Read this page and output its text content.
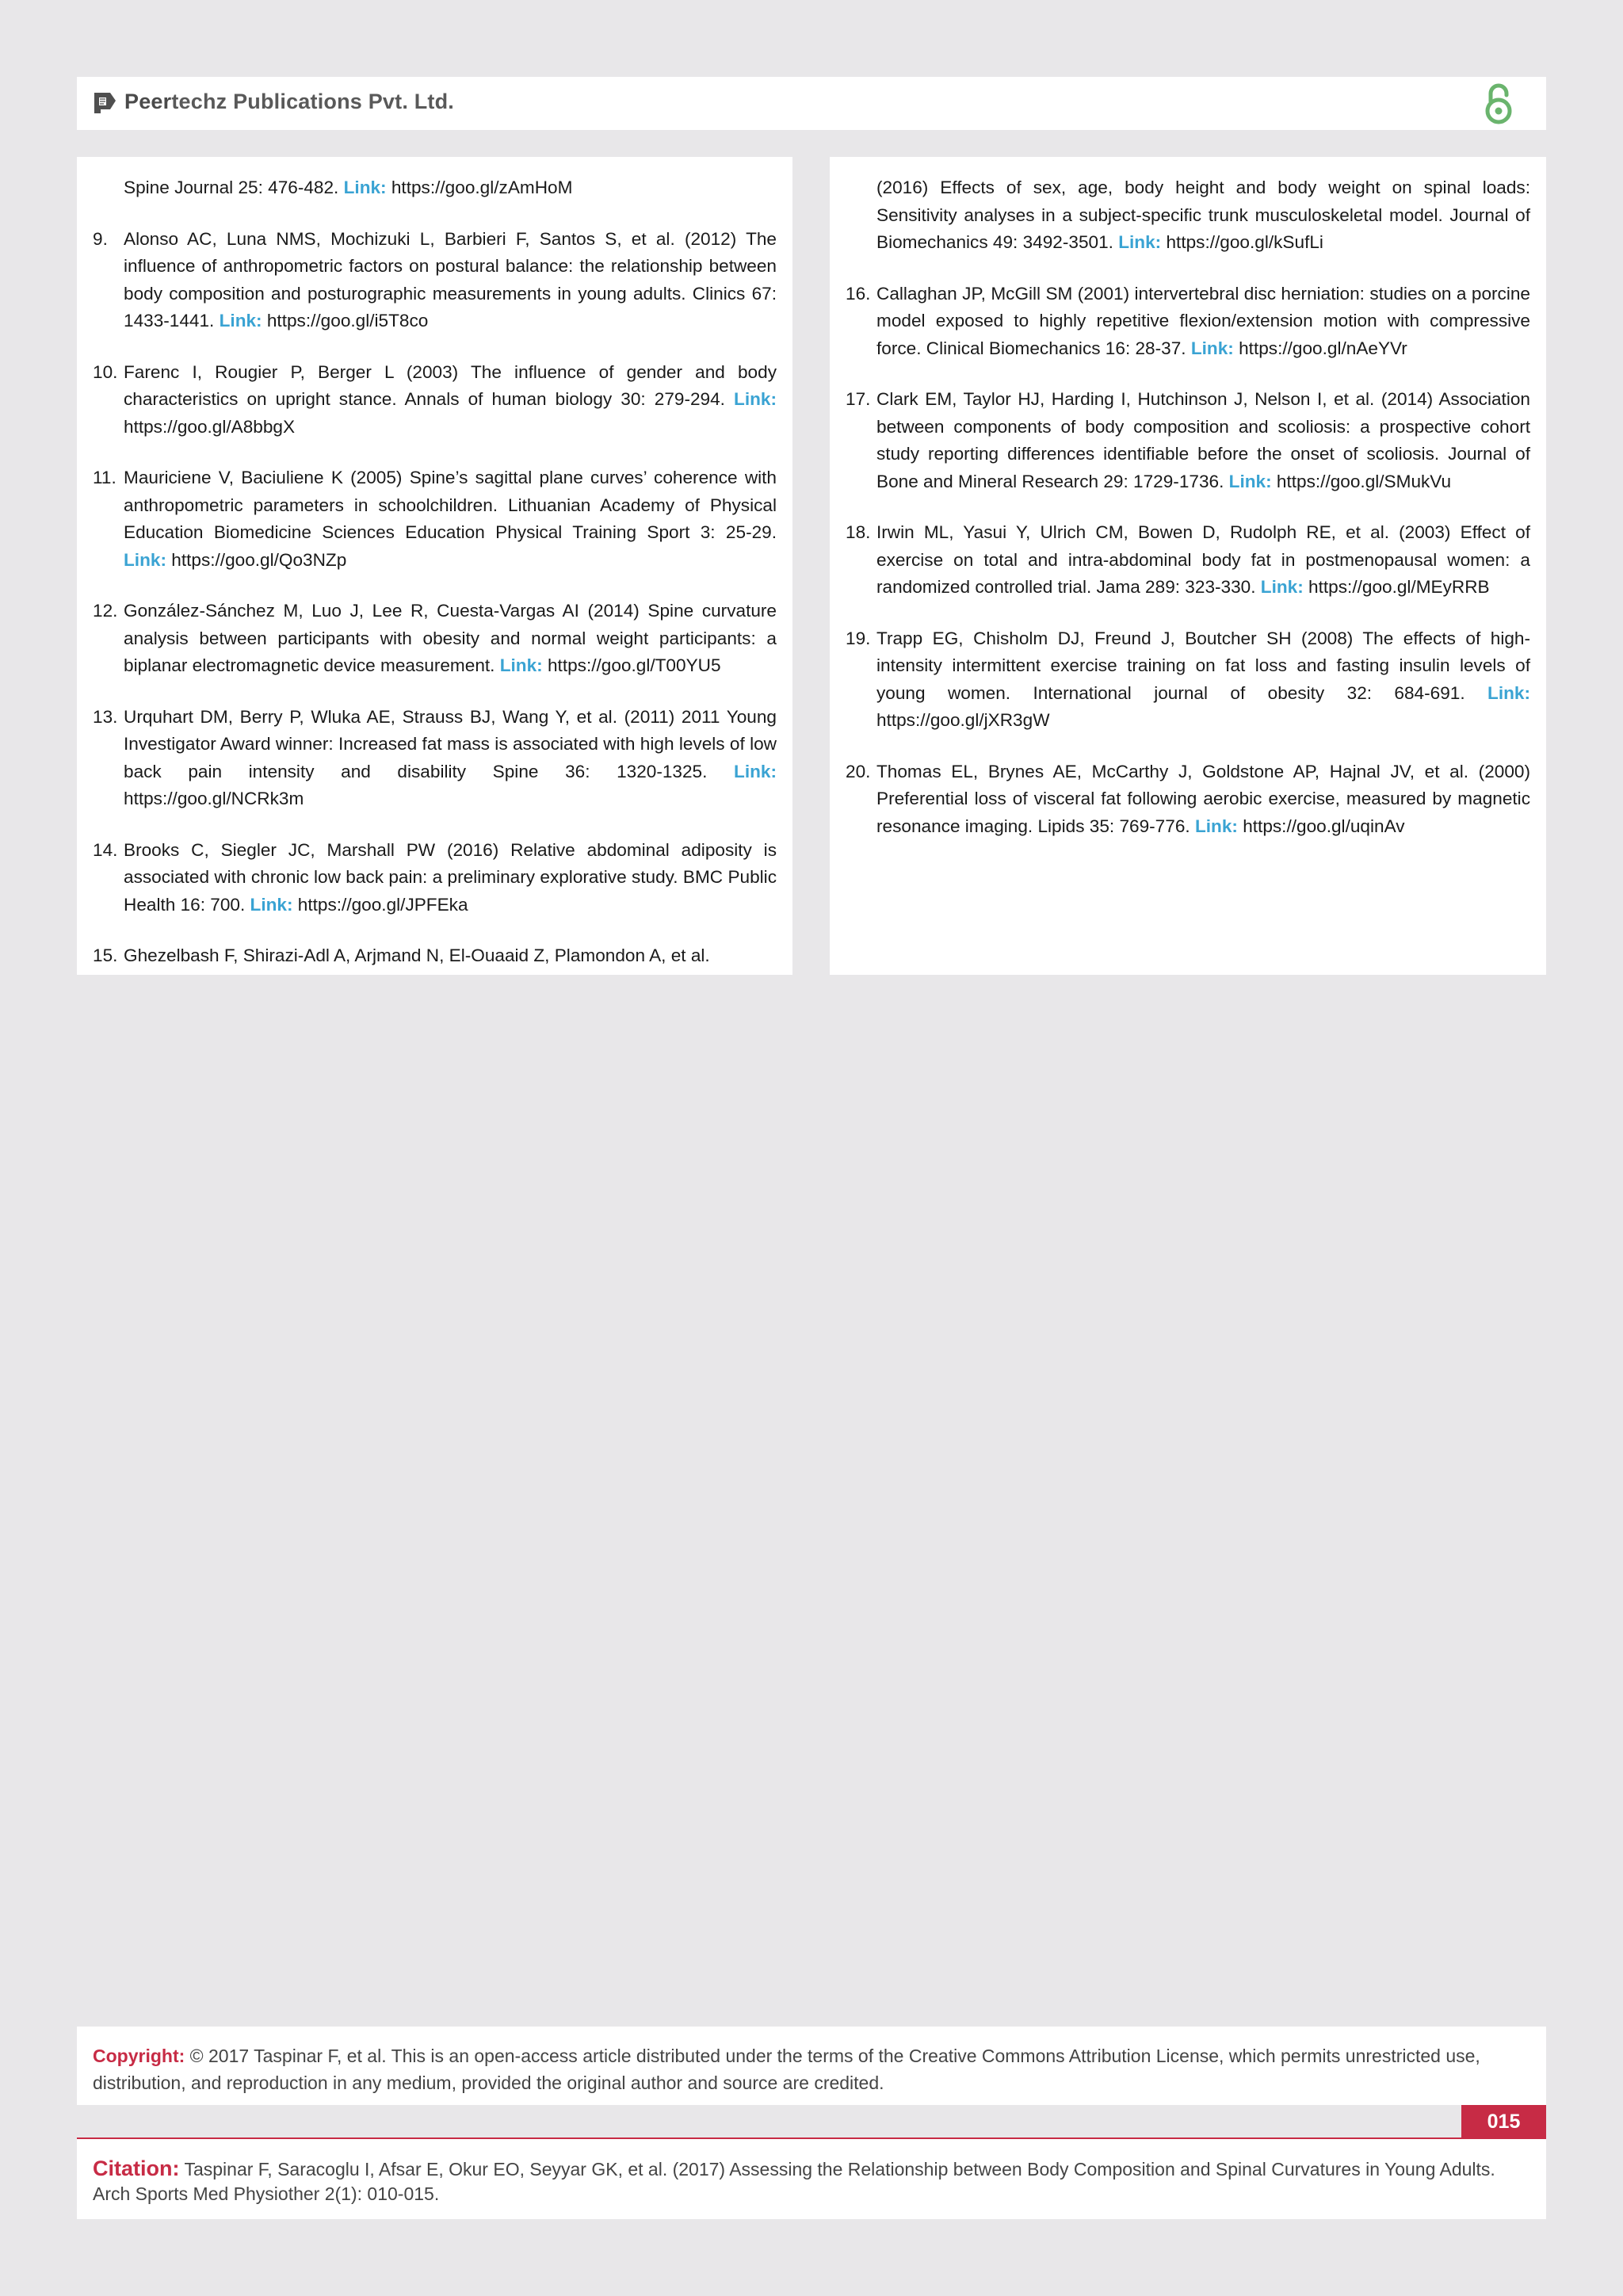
Peertechz Publications Pvt. Ltd.
Spine Journal 25: 476-482. Link: https://goo.gl/zAmHoM
9. Alonso AC, Luna NMS, Mochizuki L, Barbieri F, Santos S, et al. (2012) The influence of anthropometric factors on postural balance: the relationship between body composition and posturographic measurements in young adults. Clinics 67: 1433-1441. Link: https://goo.gl/i5T8co
10. Farenc I, Rougier P, Berger L (2003) The influence of gender and body characteristics on upright stance. Annals of human biology 30: 279-294. Link: https://goo.gl/A8bbgX
11. Mauriciene V, Baciuliene K (2005) Spine’s sagittal plane curves’ coherence with anthropometric parameters in schoolchildren. Lithuanian Academy of Physical Education Biomedicine Sciences Education Physical Training Sport 3: 25-29. Link: https://goo.gl/Qo3NZp
12. González-Sánchez M, Luo J, Lee R, Cuesta-Vargas AI (2014) Spine curvature analysis between participants with obesity and normal weight participants: a biplanar electromagnetic device measurement. Link: https://goo.gl/T00YU5
13. Urquhart DM, Berry P, Wluka AE, Strauss BJ, Wang Y, et al. (2011) 2011 Young Investigator Award winner: Increased fat mass is associated with high levels of low back pain intensity and disability Spine 36: 1320-1325. Link: https://goo.gl/NCRk3m
14. Brooks C, Siegler JC, Marshall PW (2016) Relative abdominal adiposity is associated with chronic low back pain: a preliminary explorative study. BMC Public Health 16: 700. Link: https://goo.gl/JPFEka
15. Ghezelbash F, Shirazi-Adl A, Arjmand N, El-Ouaaid Z, Plamondon A, et al.
(2016) Effects of sex, age, body height and body weight on spinal loads: Sensitivity analyses in a subject-specific trunk musculoskeletal model. Journal of Biomechanics 49: 3492-3501. Link: https://goo.gl/kSufLi
16. Callaghan JP, McGill SM (2001) intervertebral disc herniation: studies on a porcine model exposed to highly repetitive flexion/extension motion with compressive force. Clinical Biomechanics 16: 28-37. Link: https://goo.gl/nAeYVr
17. Clark EM, Taylor HJ, Harding I, Hutchinson J, Nelson I, et al. (2014) Association between components of body composition and scoliosis: a prospective cohort study reporting differences identifiable before the onset of scoliosis. Journal of Bone and Mineral Research 29: 1729-1736. Link: https://goo.gl/SMukVu
18. Irwin ML, Yasui Y, Ulrich CM, Bowen D, Rudolph RE, et al. (2003) Effect of exercise on total and intra-abdominal body fat in postmenopausal women: a randomized controlled trial. Jama 289: 323-330. Link: https://goo.gl/MEyRRB
19. Trapp EG, Chisholm DJ, Freund J, Boutcher SH (2008) The effects of high-intensity intermittent exercise training on fat loss and fasting insulin levels of young women. International journal of obesity 32: 684-691. Link: https://goo.gl/jXR3gW
20. Thomas EL, Brynes AE, McCarthy J, Goldstone AP, Hajnal JV, et al. (2000) Preferential loss of visceral fat following aerobic exercise, measured by magnetic resonance imaging. Lipids 35: 769-776. Link: https://goo.gl/uqinAv
Copyright: © 2017 Taspinar F, et al. This is an open-access article distributed under the terms of the Creative Commons Attribution License, which permits unrestricted use, distribution, and reproduction in any medium, provided the original author and source are credited.
015
Citation: Taspinar F, Saracoglu I, Afsar E, Okur EO, Seyyar GK, et al. (2017) Assessing the Relationship between Body Composition and Spinal Curvatures in Young Adults. Arch Sports Med Physiother 2(1): 010-015.
